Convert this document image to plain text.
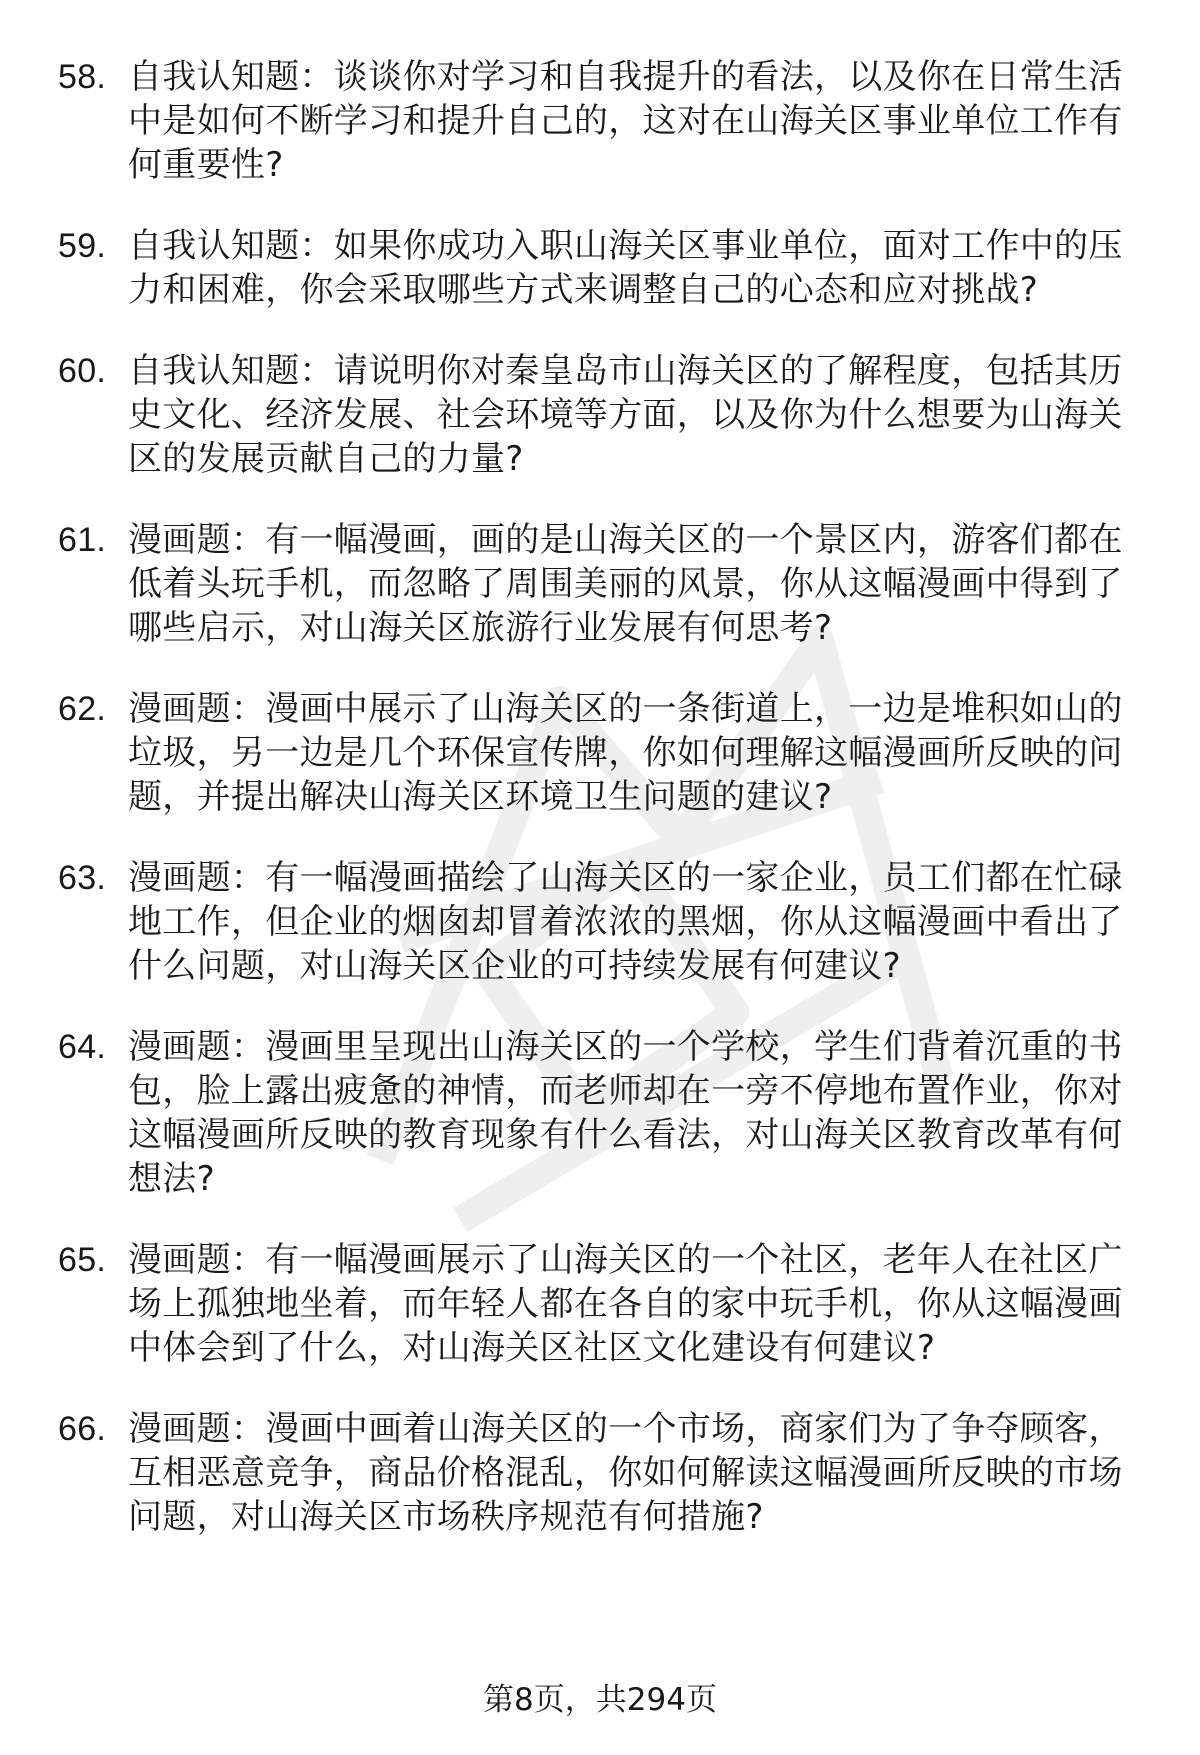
58. 自我认知题：谈谈你对学习和自我提升的看法，以及你在日常生活中是如何不断学习和提升自己的，这对在山海关区事业单位工作有何重要性?
59. 自我认知题：如果你成功入职山海关区事业单位，面对工作中的压力和困难，你会采取哪些方式来调整自己的心态和应对挑战?
60. 自我认知题：请说明你对秦皇岛市山海关区的了解程度，包括其历史文化、经济发展、社会环境等方面，以及你为什么想要为山海关区的发展贡献自己的力量?
61. 漫画题：有一幅漫画，画的是山海关区的一个景区内，游客们都在低着头玩手机，而忽略了周围美丽的风景，你从这幅漫画中得到了哪些启示，对山海关区旅游行业发展有何思考?
62. 漫画题：漫画中展示了山海关区的一条街道上，一边是堆积如山的垃圾，另一边是几个环保宣传牌，你如何理解这幅漫画所反映的问题，并提出解决山海关区环境卫生问题的建议?
63. 漫画题：有一幅漫画描绘了山海关区的一家企业，员工们都在忙碌地工作，但企业的烟囱却冒着浓浓的黑烟，你从这幅漫画中看出了什么问题，对山海关区企业的可持续发展有何建议?
64. 漫画题：漫画里呈现出山海关区的一个学校，学生们背着沉重的书包，脸上露出疲惫的神情，而老师却在一旁不停地布置作业，你对这幅漫画所反映的教育现象有什么看法，对山海关区教育改革有何想法?
65. 漫画题：有一幅漫画展示了山海关区的一个社区，老年人在社区广场上孤独地坐着，而年轻人都在各自的家中玩手机，你从这幅漫画中体会到了什么，对山海关区社区文化建设有何建议?
66. 漫画题：漫画中画着山海关区的一个市场，商家们为了争夺顾客，互相恶意竞争，商品价格混乱，你如何解读这幅漫画所反映的市场问题，对山海关区市场秩序规范有何措施?
第8页，共294页
